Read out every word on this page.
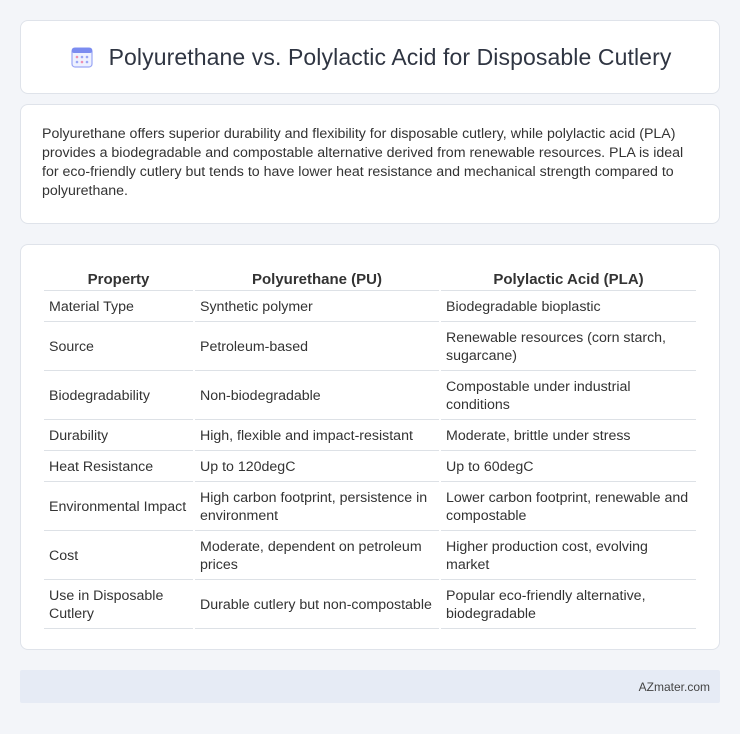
Polyurethane vs. Polylactic Acid for Disposable Cutlery

Polyurethane offers superior durability and flexibility for disposable cutlery, while polylactic acid (PLA) provides a biodegradable and compostable alternative derived from renewable resources. PLA is ideal for eco-friendly cutlery but tends to have lower heat resistance and mechanical strength compared to polyurethane.

Property	Polyurethane (PU)	Polylactic Acid (PLA)
Material Type	Synthetic polymer	Biodegradable bioplastic
Source	Petroleum-based	Renewable resources (corn starch, sugarcane)
Biodegradability	Non-biodegradable	Compostable under industrial conditions
Durability	High, flexible and impact-resistant	Moderate, brittle under stress
Heat Resistance	Up to 120degC	Up to 60degC
Environmental Impact	High carbon footprint, persistence in environment	Lower carbon footprint, renewable and compostable
Cost	Moderate, dependent on petroleum prices	Higher production cost, evolving market
Use in Disposable Cutlery	Durable cutlery but non-compostable	Popular eco-friendly alternative, biodegradable
AZmater.com
